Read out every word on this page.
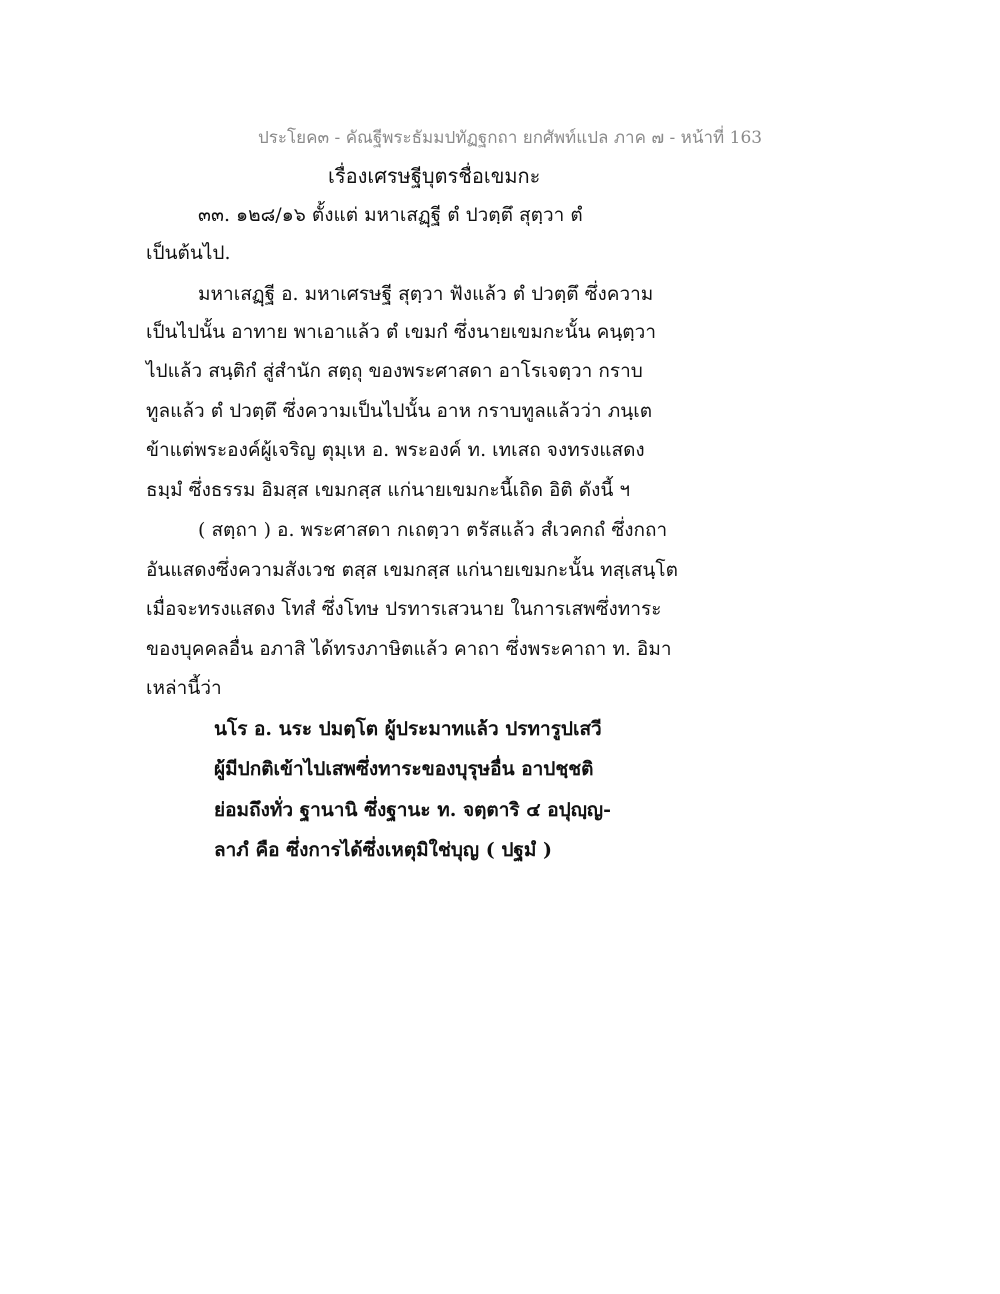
ประโยค๓ - คัณฐีพระธัมมปทัฏฐกถา ยกศัพท์แปล ภาค ๗ - หน้าที่ 163
เรื่องเศรษฐีบุตรชื่อเขมกะ
๓๓. ๑๒๘/๑๖ ตั้งแต่ มหาเสฏฺฐี ตํ ปวตฺตึ สุตฺวา ตํ
เป็นต้นไป.
มหาเสฏฺฐี อ. มหาเศรษฐี สุตฺวา ฟังแล้ว ตํ ปวตฺตึ ซึ่งความ
เป็นไปนั้น อาทาย พาเอาแล้ว ตํ เขมกํ ซึ่งนายเขมกะนั้น คนฺตฺวา
ไปแล้ว สนฺติกํ สู่สำนัก สตฺถุ ของพระศาสดา อาโรเจตฺวา กราบ
ทูลแล้ว ตํ ปวตฺตึ ซึ่งความเป็นไปนั้น อาห กราบทูลแล้วว่า ภนฺเต
ข้าแต่พระองค์ผู้เจริญ ตุมฺเห อ. พระองค์ ท. เทเสถ จงทรงแสดง
ธมฺมํ ซึ่งธรรม อิมสฺส เขมกสฺส แก่นายเขมกะนี้เถิด อิติ ดังนี้ ฯ
( สตฺถา ) อ. พระศาสดา กเถตฺวา ตรัสแล้ว สํเวคกถํ ซึ่งกถา
อันแสดงซึ่งความสังเวช ตสฺส เขมกสฺส แก่นายเขมกะนั้น ทสฺเสนฺโต
เมื่อจะทรงแสดง โทสํ ซึ่งโทษ ปรทารเสวนาย ในการเสพซึ่งทาระ
ของบุคคลอื่น อภาสิ ได้ทรงภาษิตแล้ว คาถา ซึ่งพระคาถา ท. อิมา
เหล่านี้ว่า
นโร อ. นระ ปมตฺโต ผู้ประมาทแล้ว ปรทารูปเสวี
ผู้มีปกติเข้าไปเสพซึ่งทาระของบุรุษอื่น อาปชฺชติ
ย่อมถึงทั่ว ฐานานิ ซึ่งฐานะ ท. จตฺตาริ ๔ อปุญฺญ-
ลาภํ คือ ซึ่งการได้ซึ่งเหตุมิใช่บุญ ( ปฐมํ )
